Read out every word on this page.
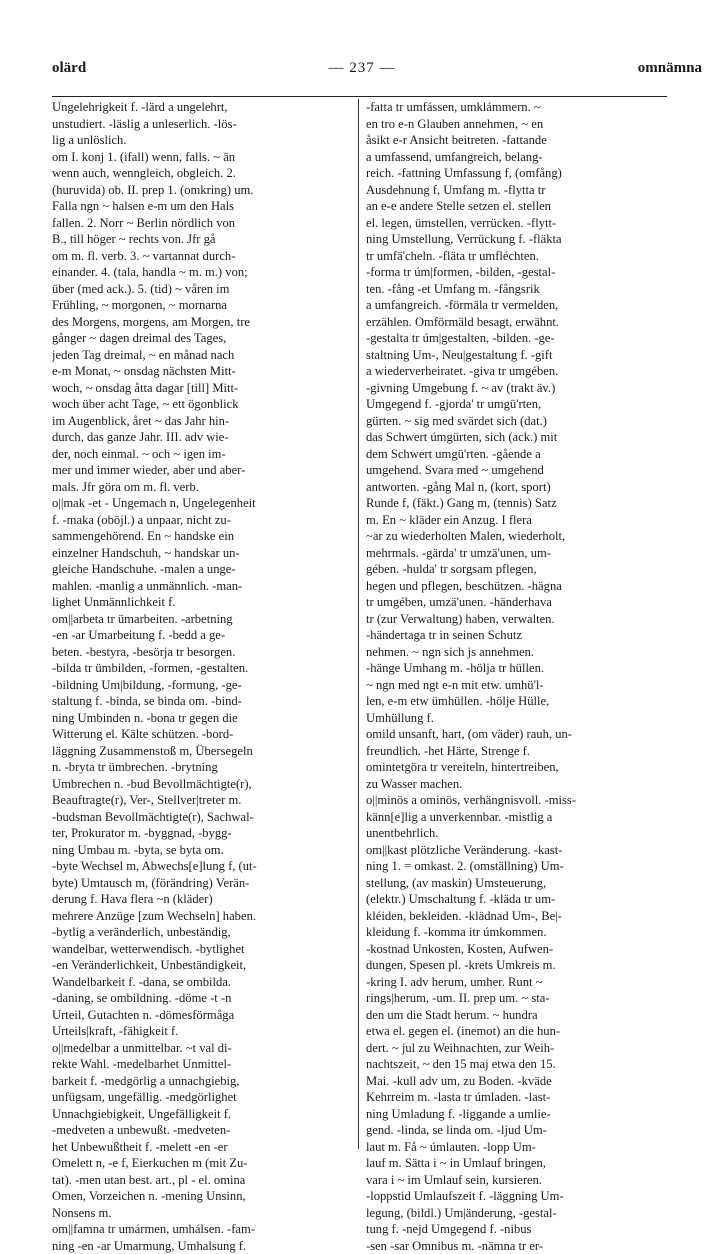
olärd	— 237 —	omnämna
Ungelehrigkeit f. -lärd a ungelehrt,
unstudiert. -läslig a unleserlich. -lös-
lig a unlöslich.
om I. konj 1. (ifall) wenn, falls. ~ än
wenn auch, wenngleich, obgleich. 2.
(huruvida) ob. II. prep 1. (omkring) um.
Falla ngn ~ halsen e-m um den Hals
fallen. 2. Norr ~ Berlin nördlich von
B., till höger ~ rechts von. Jfr gå
om m. fl. verb. 3. ~ vartannat durch-
einander. 4. (tala, handla ~ m. m.) von;
über (med ack.). 5. (tid) ~ våren im
Frühling, ~ morgonen, ~ mornarna
des Morgens, morgens, am Morgen, tre
gånger ~ dagen dreimal des Tages,
jeden Tag dreimal, ~ en månad nach
e-m Monat, ~ onsdag nächsten Mitt-
woch, ~ onsdag åtta dagar [till] Mitt-
woch über acht Tage, ~ ett ögonblick
im Augenblick, året ~ das Jahr hin-
durch, das ganze Jahr. III. adv wie-
der, noch einmal. ~ och ~ igen im-
mer und immer wieder, aber und aber-
mals. Jfr göra om m. fl. verb.
o||mak -et - Ungemach n, Ungelegenheit
f. -maka (oböjl.) a unpaar, nicht zu-
sammengehörend. En ~ handske ein
einzelner Handschuh, ~ handskar un-
gleiche Handschuhe. -malen a unge-
mahlen. -manlig a unmännlich. -man-
lighet Unmännlichkeit f.
om||arbeta tr ümarbeiten. -arbetning
-en -ar Umarbeitung f. -bedd a ge-
beten. -bestyra, -besörja tr besorgen.
-bilda tr ümbilden, -formen, -gestalten.
-bildning Um|bildung, -formung, -ge-
staltung f. -binda, se binda om. -bind-
ning Umbinden n. -bona tr gegen die
Witterung el. Kälte schützen. -bord-
läggning Zusammenstoß m, Übersegeln
n. -bryta tr ümbrechen. -brytning
Umbrechen n. -bud Bevollmächtigte(r),
Beauftragte(r), Ver-, Stellver|treter m.
-budsman Bevollmächtigte(r), Sachwal-
ter, Prokurator m. -byggnad, -bygg-
ning Umbau m. -byta, se byta om.
-byte Wechsel m, Abwechs[e]lung f, (ut-
byte) Umtausch m, (förändring) Verän-
derung f. Hava flera ~n (kläder)
mehrere Anzüge [zum Wechseln] haben.
-bytlig a veränderlich, unbeständig,
wandelbar, wetterwendisch. -bytlighet
-en Veränderlichkeit, Unbeständigkeit,
Wandelbarkeit f. -dana, se ombilda.
-daning, se ombildning. -döme -t -n
Urteil, Gutachten n. -dömesförmåga
Urteils|kraft, -fähigkeit f.
o||medelbar a unmittelbar. ~t val di-
rekte Wahl. -medelbarhet Unmittel-
barkeit f. -medgörlig a unnachgiebig,
unfügsam, ungefällig. -medgörlighet
Unnachgiebigkeit, Ungefälligkeit f.
-medveten a unbewußt. -medveten-
het Unbewußtheit f. -melett -en -er
Omelett n, -e f, Eierkuchen m (mit Zu-
tat). -men utan best. art., pl - el. omina
Omen, Vorzeichen n. -mening Unsinn,
Nonsens m.
om||famna tr umármen, umhálsen. -fam-
ning -en -ar Umarmung, Umhalsung f.
-fatta tr umfássen, umklámmern. ~
en tro e-n Glauben annehmen, ~ en
åsikt e-r Ansicht beitreten. -fattande
a umfassend, umfangreich, belang-
reich. -fattning Umfassung f, (omfång)
Ausdehnung f, Umfang m. -flytta tr
an e-e andere Stelle setzen el. stellen
el. legen, ümstellen, verrücken. -flytt-
ning Umstellung, Verrückung f. -fläkta
tr umfä'cheln. -fläta tr umfléchten.
-forma tr úm|formen, -bilden, -gestal-
ten. -fång -et Umfang m. -fångsrik
a umfangreich. -förmäla tr vermelden,
erzählen. Omförmäld besagt, erwähnt.
-gestalta tr úm|gestalten, -bilden. -ge-
staltning Um-, Neu|gestaltung f. -gift
a wiederverheiratet. -giva tr umgében.
-givning Umgebung f. ~ av (trakt äv.)
Umgegend f. -gjorda' tr umgü'rten,
gürten. ~ sig med svärdet sich (dat.)
das Schwert úmgürten, sich (ack.) mit
dem Schwert umgü'rten. -gående a
umgehend. Svara med ~ umgehend
antworten. -gång Mal n, (kort, sport)
Runde f, (fäkt.) Gang m, (tennis) Satz
m. En ~ kläder ein Anzug. I flera
~ar zu wiederholten Malen, wiederholt,
mehrmals. -gärda' tr umzä'unen, um-
gében. -hulda' tr sorgsam pflegen,
hegen und pflegen, beschützen. -hägna
tr umgében, umzä'unen. -händerhava
tr (zur Verwaltung) haben, verwalten.
-händertaga tr in seinen Schutz
nehmen. ~ ngn sich js annehmen.
-hänge Umhang m. -hölja tr hüllen.
~ ngn med ngt e-n mit etw. umhü'l-
len, e-m etw ümhüllen. -hölje Hülle,
Umhüllung f.
omild unsanft, hart, (om väder) rauh, un-
freundlich. -het Härte, Strenge f.
omintetgöra tr vereiteln, hintertreiben,
zu Wasser machen.
o||minös a ominös, verhängnisvoll. -miss-
känn[e]lig a unverkennbar. -mistlig a
unentbehrlich.
om||kast plötzliche Veränderung. -kast-
ning 1. = omkast. 2. (omställning) Um-
stellung, (av maskin) Umsteuerung,
(elektr.) Umschaltung f. -kläda tr um-
kléiden, bekleiden. -klädnad Um-, Be|-
kleidung f. -komma itr úmkommen.
-kostnad Unkosten, Kosten, Aufwen-
dungen, Spesen pl. -krets Umkreis m.
-kring I. adv herum, umher. Runt ~
rings|herum, -um. II. prep um. ~ sta-
den um die Stadt herum. ~ hundra
etwa el. gegen el. (inemot) an die hun-
dert. ~ jul zu Weihnachten, zur Weih-
nachtszeit, ~ den 15 maj etwa den 15.
Mai. -kull adv um, zu Boden. -kväde
Kehrreim m. -lasta tr úmladen. -last-
ning Umladung f. -liggande a umlie-
gend. -linda, se linda om. -ljud Um-
laut m. Få ~ úmlauten. -lopp Um-
lauf m. Sätta i ~ in Umlauf bringen,
vara i ~ im Umlauf sein, kursieren.
-loppstid Umlaufszeit f. -läggning Um-
legung, (bildl.) Um|änderung, -gestal-
tung f. -nejd Umgegend f. -nibus
-sen -sar Omnibus m. -nämna tr er-
